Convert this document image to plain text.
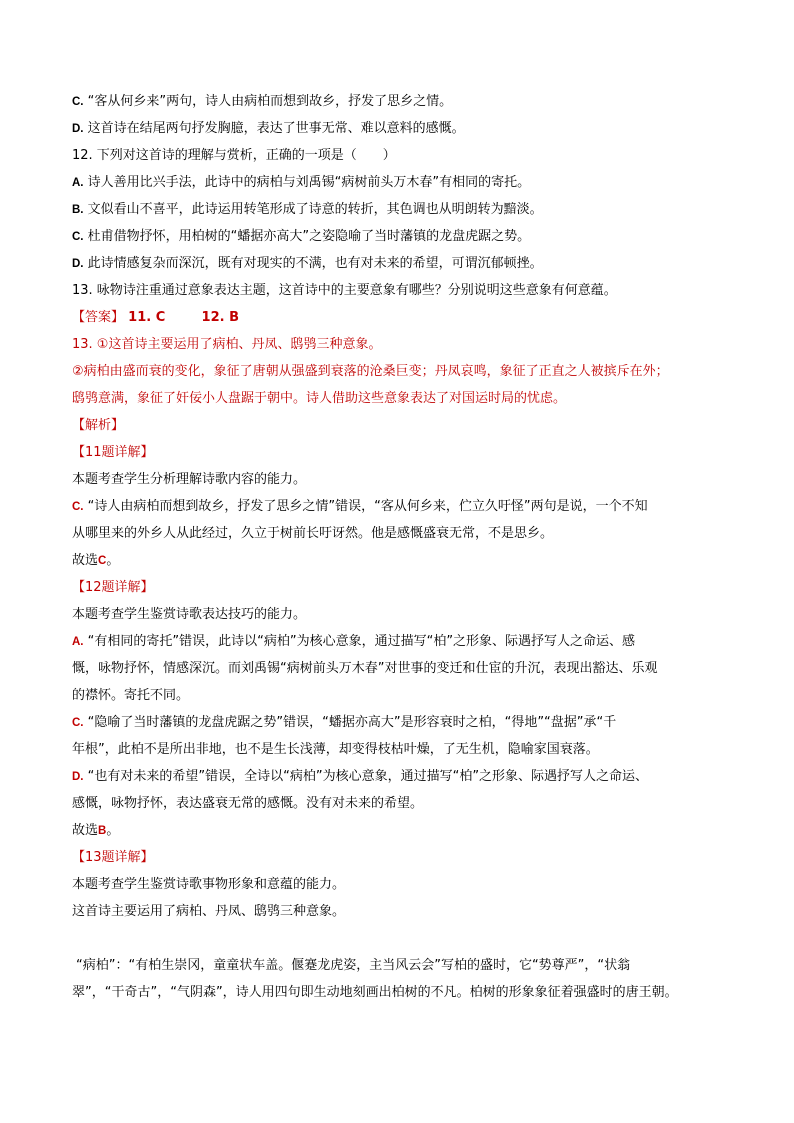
C. “客从何乡来”两句，诗人由病柏而想到故乡，抒发了思乡之情。
D. 这首诗在结尾两句抒发胸臆，表达了世事无常、难以意料的感慨。
12. 下列对这首诗的理解与赏析，正确的一项是（　　）
A. 诗人善用比兴手法，此诗中的病柏与刘禹锡“病树前头万木春”有相同的寄托。
B. 文似看山不喜平，此诗运用转笔形成了诗意的转折，其色调也从明朗转为黯淡。
C. 杜甫借物抒怀，用柏树的“蟠据亦高大”之姿隐喻了当时藩镇的龙盘虎踞之势。
D. 此诗情感复杂而深沉，既有对现实的不满，也有对未来的希望，可谓沉郁顿挫。
13. 咏物诗注重通过意象表达主题，这首诗中的主要意象有哪些？分别说明这些意象有何意蕴。
【答案】 11. C	12. B
13. ①这首诗主要运用了病柏、丹凤、鸱鸮三种意象。
②病柏由盛而衰的变化，象征了唐朝从强盛到衰落的沧桑巨变；丹凤哀鸣，象征了正直之人被摈斥在外；
鸱鸮意满，象征了奸佞小人盘踞于朝中。诗人借助这些意象表达了对国运时局的忧虑。
【解析】
【11题详解】
本题考查学生分析理解诗歌内容的能力。
C. “诗人由病柏而想到故乡，抒发了思乡之情”错误，“客从何乡来，伫立久吁怪”两句是说，一个不知
从哪里来的外乡人从此经过，久立于树前长吁讶然。他是感慨盛衰无常，不是思乡。
故选C。
【12题详解】
本题考查学生鉴赏诗歌表达技巧的能力。
A. “有相同的寄托”错误，此诗以“病柏”为核心意象，通过描写“柏”之形象、际遇抒写人之命运、感
慨，咏物抒怀，情感深沉。而刘禹锡“病树前头万木春”对世事的变迁和仕宦的升沉，表现出豁达、乐观
的襟怀。寄托不同。
C. “隐喻了当时藩镇的龙盘虎踞之势”错误，“蟠据亦高大”是形容衰时之柏，“得地”“盘据”承“千
年根”，此柏不是所出非地，也不是生长浅薄，却变得枝枯叶燥，了无生机，隐喻家国衰落。
D. “也有对未来的希望”错误，全诗以“病柏”为核心意象，通过描写“柏”之形象、际遇抒写人之命运、
感慨，咏物抒怀，表达盛衰无常的感慨。没有对未来的希望。
故选B。
【13题详解】
本题考查学生鉴赏诗歌事物形象和意蕴的能力。
这首诗主要运用了病柏、丹凤、鸱鸮三种意象。
“病柏”：“有柏生崇冈，童童状车盖。偃蹇龙虎姿，主当风云会”写柏的盛时，它“势尊严”，“状翁
翠”，“干奇古”，“气阴森”，诗人用四句即生动地刻画出柏树的不凡。柏树的形象象征着强盛时的唐王朝。
